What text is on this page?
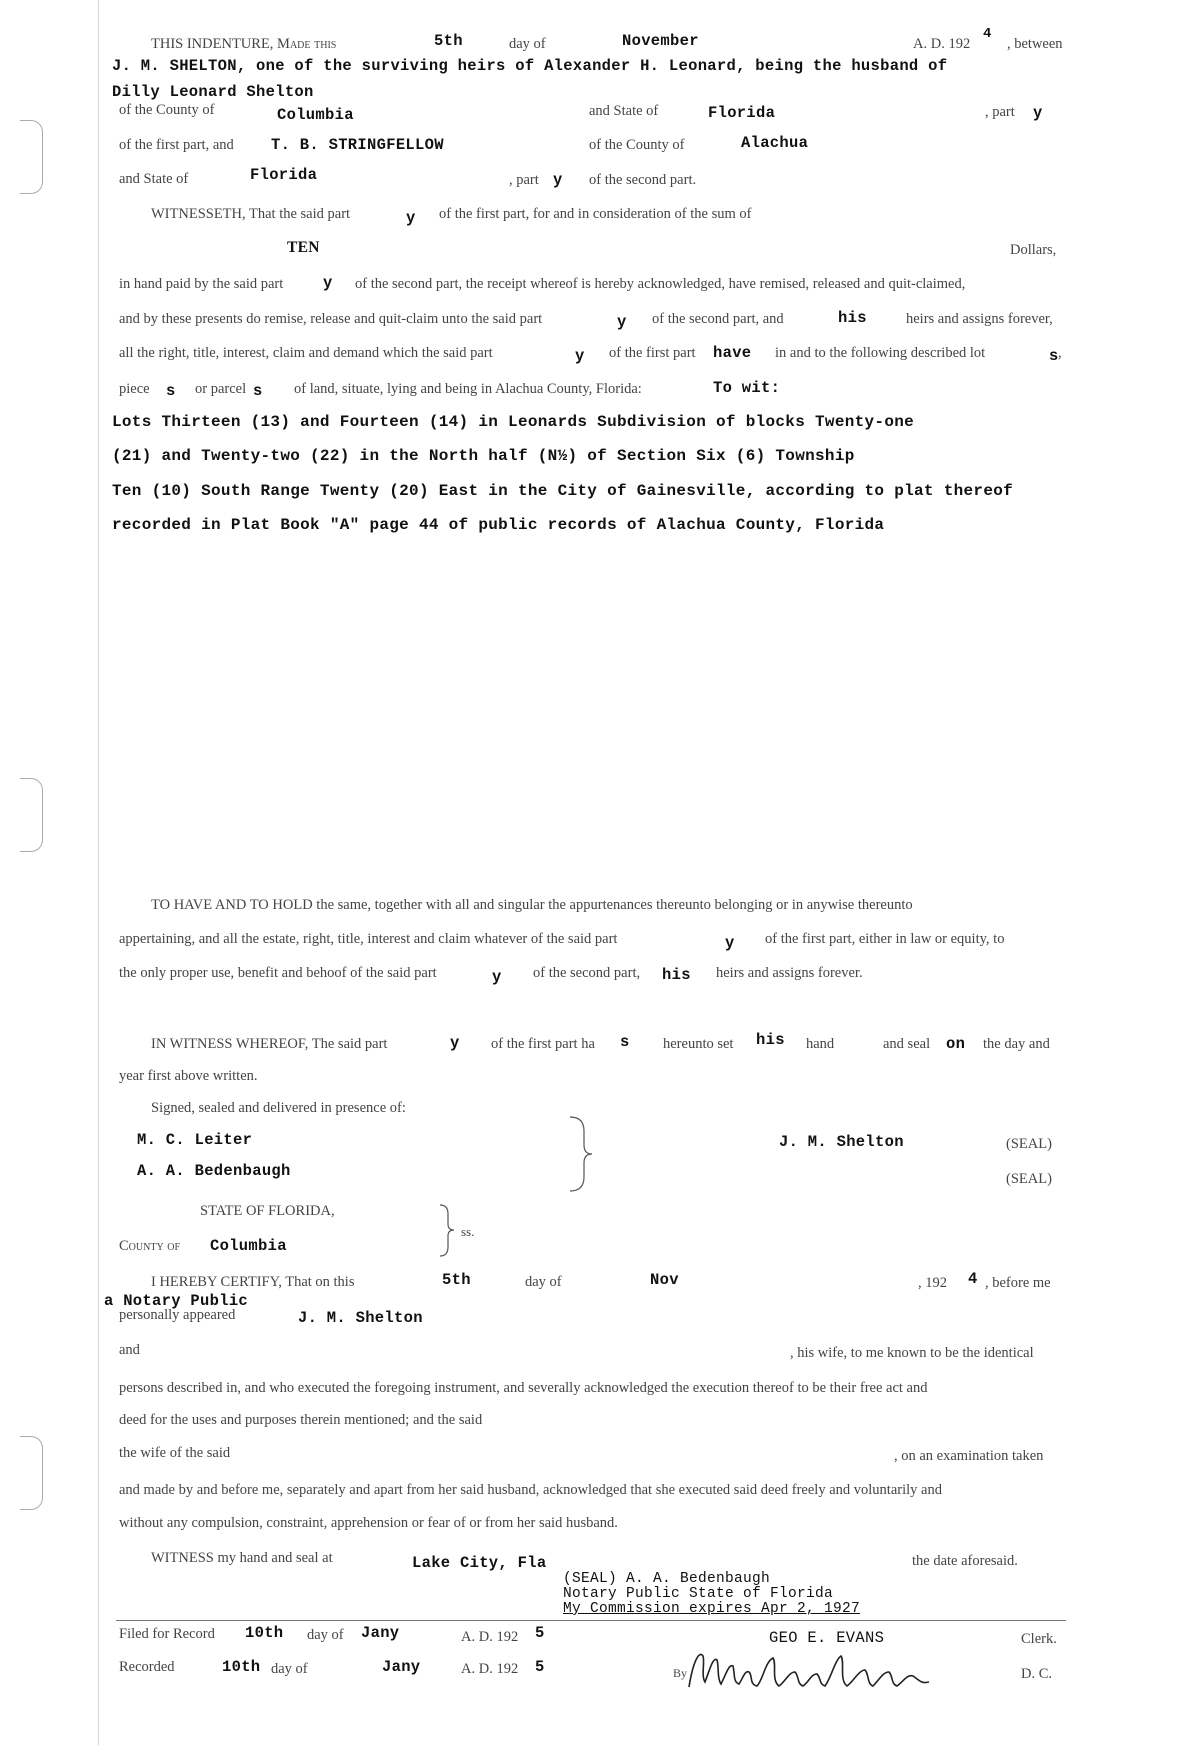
THIS INDENTURE, Made this	5th	day of	November	A. D. 192
4
, between
J. M. SHELTON, one of the surviving heirs of Alexander H. Leonard, being the husband of
Dilly Leonard Shelton
of the County of	Columbia	and State of	Florida	, part y
of the first part, and T. B. STRINGFELLOW	of the County of	Alachua
and State of	Florida	, part y of the second part.
WITNESSETH, That the said part	y of the first part, for and in consideration of the sum of
TEN	Dollars,
in hand paid by the said part	y of the second part, the receipt whereof is hereby acknowledged, have remised, released and quit-claimed,
and by these presents do remise, release and quit-claim unto the said part	y of the second part, and	his	heirs and assigns forever,
all the right, title, interest, claim and demand which the said part	y of the first part have in and to the following described lot	s ,
piece s or parcel s of land, situate, lying and being in Alachua County, Florida:	To wit:
Lots Thirteen (13) and Fourteen (14) in Leonards Subdivision of blocks Twenty-one
(21) and Twenty-two (22) in the North half (N½) of Section Six (6) Township
Ten (10) South Range Twenty (20) East in the City of Gainesville, according to plat thereof
recorded in Plat Book "A" page 44 of public records of Alachua County, Florida
TO HAVE AND TO HOLD the same, together with all and singular the appurtenances thereunto belonging or in anywise thereunto
appertaining, and all the estate, right, title, interest and claim whatever of the said part	y of the first part, either in law or equity, to
the only proper use, benefit and behoof of the said part	y of the second part, his heirs and assigns forever.
IN WITNESS WHEREOF, The said part	y of the first part ha s hereunto set his hand	and seal on the day and
year first above written.
Signed, sealed and delivered in presence of:
M. C. Leiter
A. A. Bedenbaugh
J. M. Shelton	(SEAL)
(SEAL)
STATE OF FLORIDA,
County of Columbia
ss.
I HEREBY CERTIFY, That on this	5th	day of	Nov	, 192 4 , before me
a Notary Public
personally appeared	J. M. Shelton
and	, his wife, to me known to be the identical
persons described in, and who executed the foregoing instrument, and severally acknowledged the execution thereof to be their free act and
deed for the uses and purposes therein mentioned; and the said
the wife of the said	, on an examination taken
and made by and before me, separately and apart from her said husband, acknowledged that she executed said deed freely and voluntarily and
without any compulsion, constraint, apprehension or fear of or from her said husband.
WITNESS my hand and seal at	Lake City, Fla	the date aforesaid.
(SEAL) A. A. Bedenbaugh
Notary Public State of Florida
My Commission expires Apr 2, 1927
Filed for Record 10th day of Jany	A. D. 192 5	GEO E. EVANS	Clerk.
Recorded	10th day of	Jany	A. D. 192 5	By	D. C.
